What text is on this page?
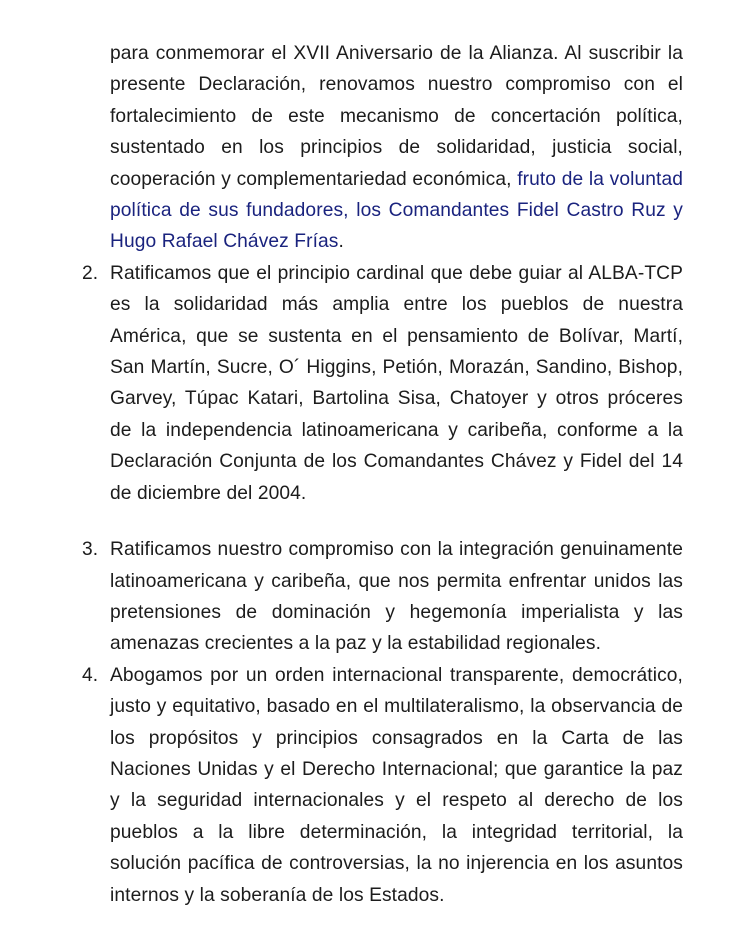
para conmemorar el XVII Aniversario de la Alianza. Al suscribir la presente Declaración, renovamos nuestro compromiso con el fortalecimiento de este mecanismo de concertación política, sustentado en los principios de solidaridad, justicia social, cooperación y complementariedad económica, fruto de la voluntad política de sus fundadores, los Comandantes Fidel Castro Ruz y Hugo Rafael Chávez Frías.
2. Ratificamos que el principio cardinal que debe guiar al ALBA-TCP es la solidaridad más amplia entre los pueblos de nuestra América, que se sustenta en el pensamiento de Bolívar, Martí, San Martín, Sucre, O´ Higgins, Petión, Morazán, Sandino, Bishop, Garvey, Túpac Katari, Bartolina Sisa, Chatoyer y otros próceres de la independencia latinoamericana y caribeña, conforme a la Declaración Conjunta de los Comandantes Chávez y Fidel del 14 de diciembre del 2004.
3. Ratificamos nuestro compromiso con la integración genuinamente latinoamericana y caribeña, que nos permita enfrentar unidos las pretensiones de dominación y hegemonía imperialista y las amenazas crecientes a la paz y la estabilidad regionales.
4. Abogamos por un orden internacional transparente, democrático, justo y equitativo, basado en el multilateralismo, la observancia de los propósitos y principios consagrados en la Carta de las Naciones Unidas y el Derecho Internacional; que garantice la paz y la seguridad internacionales y el respeto al derecho de los pueblos a la libre determinación, la integridad territorial, la solución pacífica de controversias, la no injerencia en los asuntos internos y la soberanía de los Estados.
